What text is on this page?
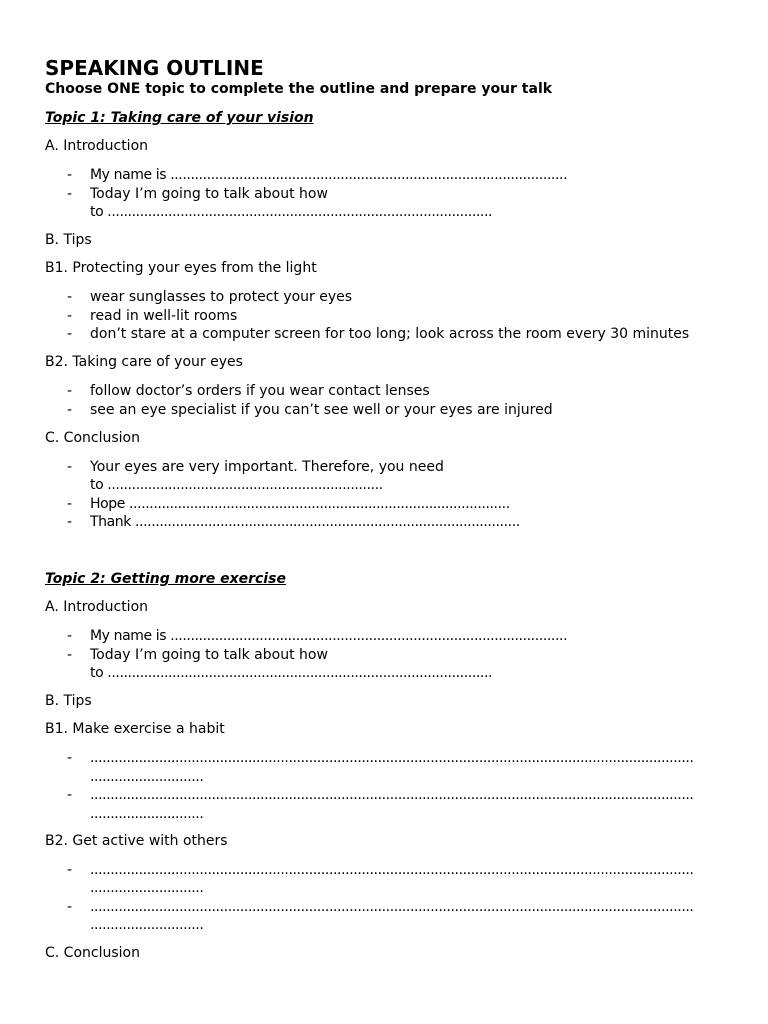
SPEAKING OUTLINE
Choose ONE topic to complete the outline and prepare your talk
Topic 1: Taking care of your vision
A. Introduction
- My name is ..................................................................................................
- Today I’m going to talk about how
to ...............................................................................................
B. Tips
B1. Protecting your eyes from the light
- wear sunglasses to protect your eyes
- read in well-lit rooms
- don’t stare at a computer screen for too long; look across the room every 30 minutes
B2. Taking care of your eyes
- follow doctor’s orders if you wear contact lenses
- see an eye specialist if you can’t see well or your eyes are injured
C. Conclusion
- Your eyes are very important. Therefore, you need
to ....................................................................
- Hope ..............................................................................................
- Thank ...............................................................................................
Topic 2: Getting more exercise
A. Introduction
- My name is ..................................................................................................
- Today I’m going to talk about how
to ...............................................................................................
B. Tips
B1. Make exercise a habit
- .....................................................................................................................................................
............................
- .....................................................................................................................................................
............................
B2. Get active with others
- .....................................................................................................................................................
............................
- .....................................................................................................................................................
............................
C. Conclusion
